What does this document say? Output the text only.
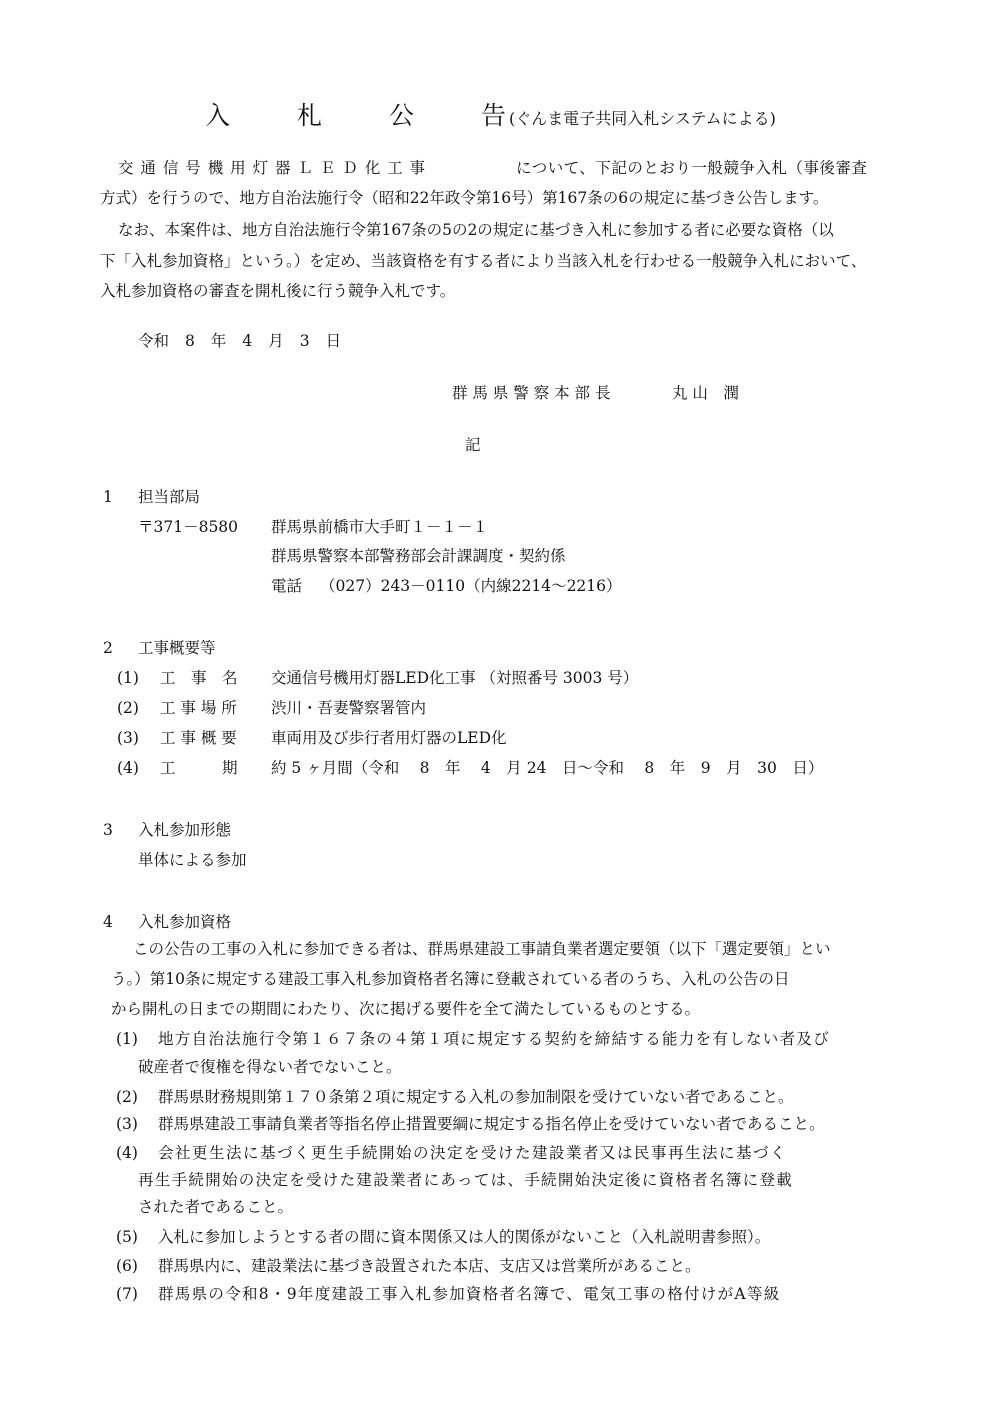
入	札	公	告 (ぐんま電子共同入札システムによる)
交 通 信 号 機 用 灯 器 Ｌ Ｅ Ｄ 化 工 事	について、下記のとおり一般競争入札（事後審査
方式）を行うので、地方自治法施行令（昭和22年政令第16号）第167条の6の規定に基づき公告します。
なお、本案件は、地方自治法施行令第167条の5の2の規定に基づき入札に参加する者に必要な資格（以
下「入札参加資格」という。）を定め、当該資格を有する者により当該入札を行わせる一般競争入札において、
入札参加資格の審査を開札後に行う競争入札です。
令和 8 年 4 月 3 日
群 馬 県 警 察 本 部 長	丸 山　潤
記
1 担当部局
〒371－8580 群馬県前橋市大手町１－１－１
群馬県警察本部警務部会計課調度・契約係
電話 （027）243－0110（内線2214～2216）
2 工事概要等
(1) 工　事　名 交通信号機用灯器LED化工事 （対照番号 3003 号）
(2) 工 事 場 所 渋川・吾妻警察署管内
(3) 工 事 概 要 車両用及び歩行者用灯器のLED化
(4) 工　　　期 約 5 ヶ月間（令和　 8　年　 4　月 24　日～令和　 8　年　9　月　30　日）
3 入札参加形態
単体による参加
4 入札参加資格
この公告の工事の入札に参加できる者は、群馬県建設工事請負業者選定要領（以下「選定要領」とい
う。）第10条に規定する建設工事入札参加資格者名簿に登載されている者のうち、入札の公告の日
から開札の日までの期間にわたり、次に掲げる要件を全て満たしているものとする。
(1) 地方自治法施行令第１６７条の４第１項に規定する契約を締結する能力を有しない者及び
破産者で復権を得ない者でないこと。
(2) 群馬県財務規則第１７０条第２項に規定する入札の参加制限を受けていない者であること。
(3) 群馬県建設工事請負業者等指名停止措置要綱に規定する指名停止を受けていない者であること。
(4) 会社更生法に基づく更生手続開始の決定を受けた建設業者又は民事再生法に基づく
再生手続開始の決定を受けた建設業者にあっては、手続開始決定後に資格者名簿に登載
された者であること。
(5) 入札に参加しようとする者の間に資本関係又は人的関係がないこと（入札説明書参照）。
(6) 群馬県内に、建設業法に基づき設置された本店、支店又は営業所があること。
(7) 群馬県の令和8・9年度建設工事入札参加資格者名簿で、電気工事の格付けがA等級
